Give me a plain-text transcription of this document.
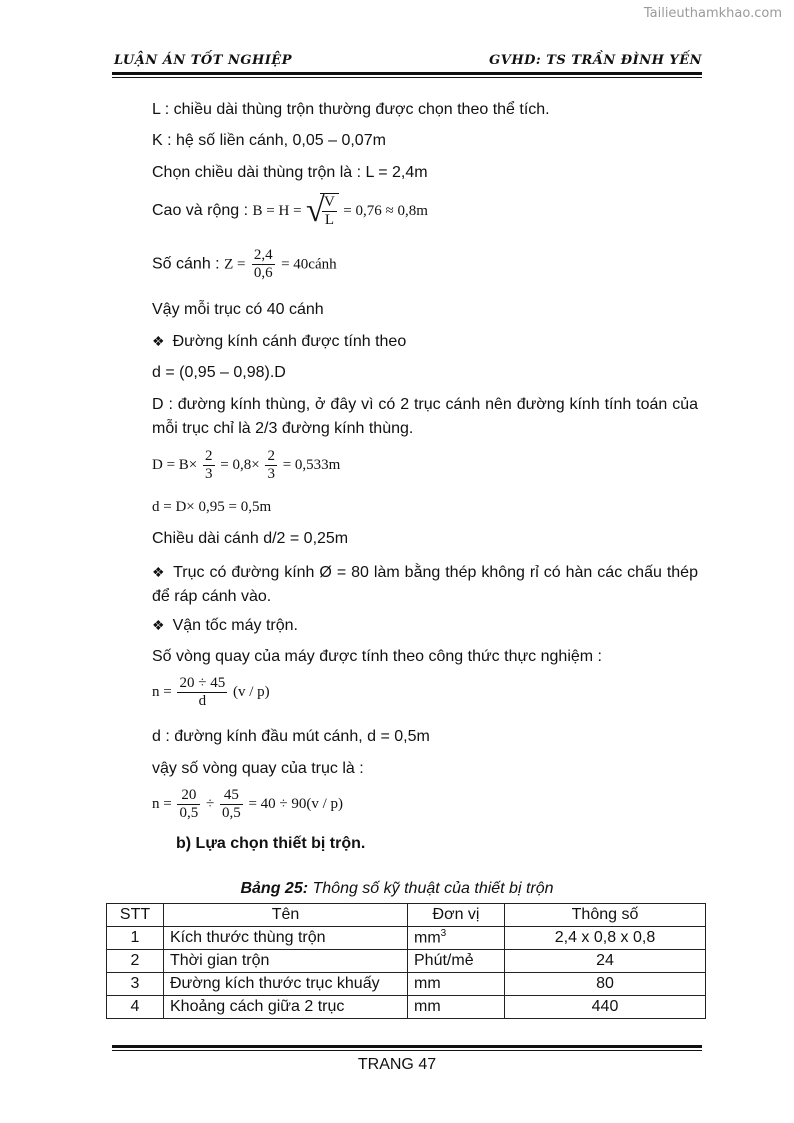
Tailieuthamkhao.com
LUẬN ÁN TỐT NGHIỆP	GVHD: TS TRẦN ĐÌNH YẾN
L : chiều dài thùng trộn thường được chọn theo thể tích.
K : hệ số liền cánh, 0,05 – 0,07m
Chọn chiều dài thùng trộn là : L = 2,4m
Cao và rộng : B = H = √
$\frac{V}{L} = 0,76 \approx 0,8m$
Số cánh : $Z = \frac{2,4}{0,6}$ = 40cánh
Vậy mỗi trục có 40 cánh
❖ Đường kính cánh được tính theo
d = (0,95 – 0,98).D
D : đường kính thùng, ở đây vì có 2 trục cánh nên đường kính tính toán của mỗi trục chỉ là 2/3 đường kính thùng.
$D = B\times \frac{2}{3} = 0,8\times \frac{2}{3} = 0,533m$
d = D× 0,95 = 0,5m
Chiều dài cánh d/2 = 0,25m
❖ Trục có đường kính Ø = 80 làm bằng thép không rỉ có hàn các chấu thép để ráp cánh vào.
❖ Vận tốc máy trộn.
Số vòng quay của máy được tính theo công thức thực nghiệm :
$n = \frac{20 \div 45}{d} (v / p)$
d : đường kính đầu mút cánh, d = 0,5m
vậy số vòng quay của trục là :
$n = \frac{20}{0,5} \div \frac{45}{0,5} = 40 \div 90(v / p)$
b) Lựa chọn thiết bị trộn.
Bảng 25: Thông số kỹ thuật của thiết bị trộn
STT	Tên	Đơn vị	Thông số
1	Kích thước thùng trộn	$mm^3$	2,4 x 0,8 x 0,8
2	Thời gian trộn	Phút/mẻ	24
3	Đường kích thước trục khuấy	mm	80
4	Khoảng cách giữa 2 trục	mm	440
TRANG 47
